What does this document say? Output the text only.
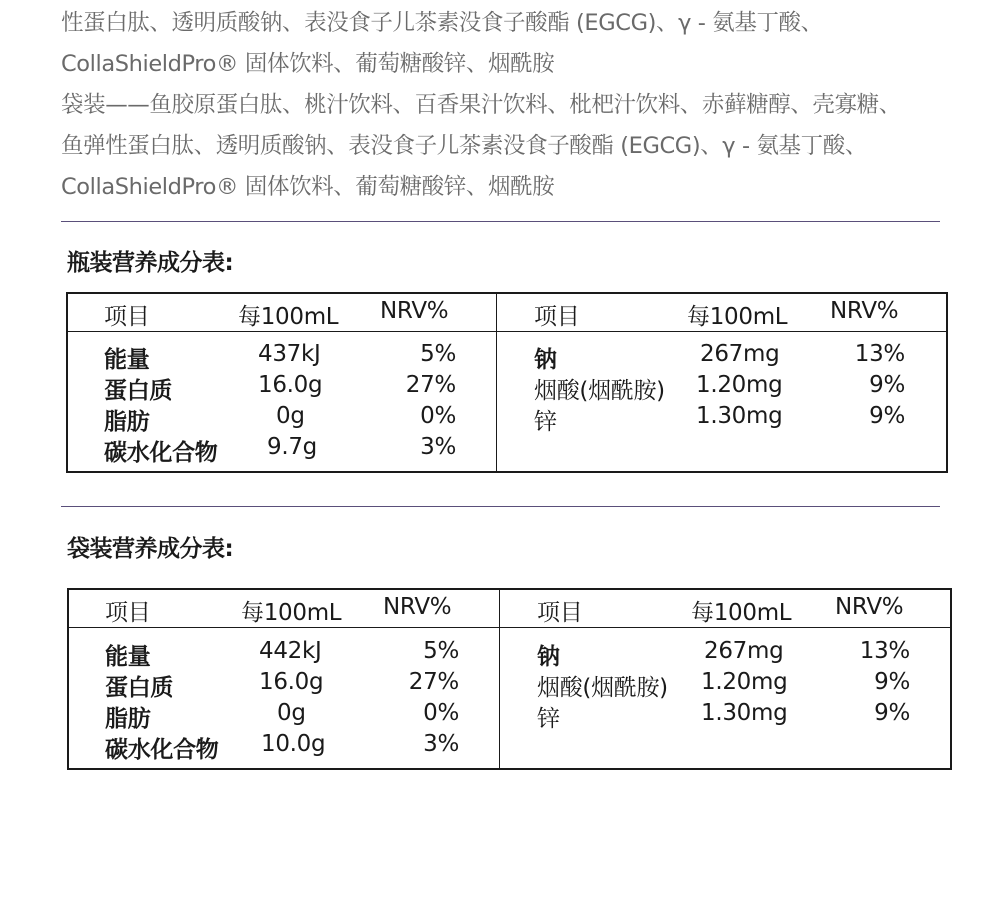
性蛋白肽、透明质酸钠、表没食子儿茶素没食子酸酯 (EGCG)、γ - 氨基丁酸、
CollaShieldPro® 固体饮料、葡萄糖酸锌、烟酰胺
袋装——鱼胶原蛋白肽、桃汁饮料、百香果汁饮料、枇杷汁饮料、赤藓糖醇、壳寡糖、
鱼弹性蛋白肽、透明质酸钠、表没食子儿茶素没食子酸酯 (EGCG)、γ - 氨基丁酸、
CollaShieldPro® 固体饮料、葡萄糖酸锌、烟酰胺
瓶装营养成分表:
项目	每100mL NRV%
能量	437kJ	5%
蛋白质	16.0g	27%
脂肪	0g	0%
碳水化合物 9.7g	3%
项目	每100mL NRV%
钠	267mg	13%
烟酸(烟酰胺) 1.20mg	9%
锌	1.30mg	9%
袋装营养成分表:
项目	每100mL NRV%
能量	442kJ	5%
蛋白质	16.0g	27%
脂肪	0g	0%
碳水化合物 10.0g	3%
项目	每100mL NRV%
钠	267mg	13%
烟酸(烟酰胺) 1.20mg	9%
锌	1.30mg	9%
